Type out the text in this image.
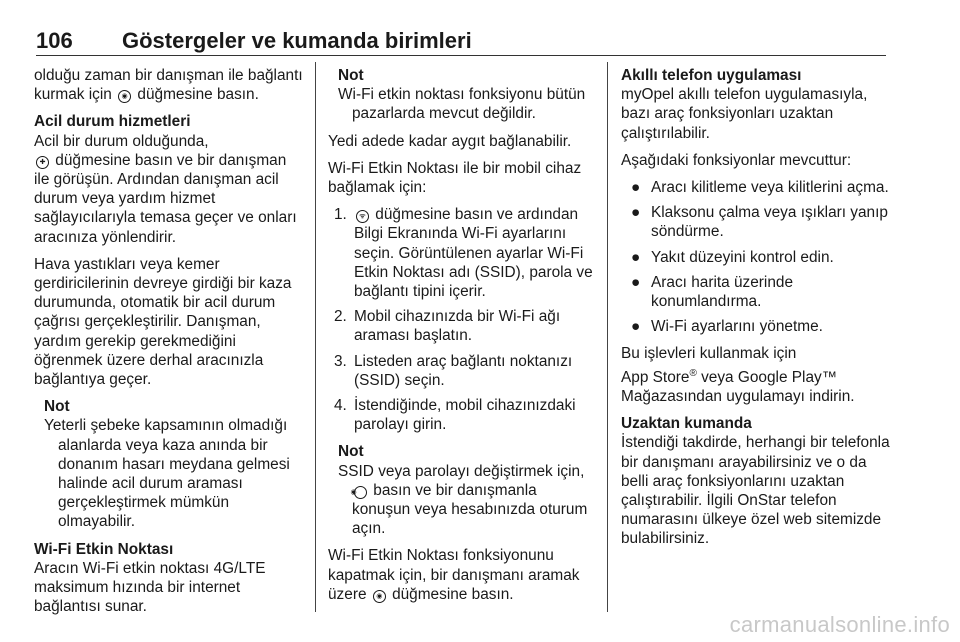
106 Göstergeler ve kumanda birimleri

olduğu zaman bir danışman ile bağlantı kurmak için ◉ düğmesine basın.

Acil durum hizmetleri

Acil bir durum olduğunda,
✚ düğmesine basın ve bir danışman ile görüşün. Ardından danışman acil durum veya yardım hizmet sağlayıcılarıyla temasa geçer ve onları aracınıza yönlendirir.

Hava yastıkları veya kemer gerdiricilerinin devreye girdiği bir kaza durumunda, otomatik bir acil durum çağrısı gerçekleştirilir. Danışman, yardım gerekip gerekmediğini öğrenmek üzere derhal aracınızla bağlantıya geçer.

Not
Yeterli şebeke kapsamının olmadığı alanlarda veya kaza anında bir donanım hasarı meydana gelmesi halinde acil durum araması gerçekleştirmek mümkün olmayabilir.

Wi-Fi Etkin Noktası

Aracın Wi-Fi etkin noktası 4G/LTE maksimum hızında bir internet bağlantısı sunar.

Not
Wi-Fi etkin noktası fonksiyonu bütün pazarlarda mevcut değildir.

Yedi adede kadar aygıt bağlanabilir.

Wi-Fi Etkin Noktası ile bir mobil cihaz bağlamak için:

1. ᯤ düğmesine basın ve ardından Bilgi Ekranında Wi-Fi ayarlarını seçin. Görüntülenen ayarlar Wi-Fi Etkin Noktası adı (SSID), parola ve bağlantı tipini içerir.
2. Mobil cihazınızda bir Wi-Fi ağı araması başlatın.
3. Listeden araç bağlantı noktanızı (SSID) seçin.
4. İstendiğinde, mobil cihazınızdaki parolayı girin.
Not
SSID veya parolayı değiştirmek için, ◉ basın ve bir danışmanla konuşun veya hesabınızda oturum açın.

Wi-Fi Etkin Noktası fonksiyonunu kapatmak için, bir danışmanı aramak üzere ◉ düğmesine basın.

Akıllı telefon uygulaması

myOpel akıllı telefon uygulamasıyla, bazı araç fonksiyonları uzaktan çalıştırılabilir.

Aşağıdaki fonksiyonlar mevcuttur:

● Aracı kilitleme veya kilitlerini açma.
● Klaksonu çalma veya ışıkları yanıp söndürme.
● Yakıt düzeyini kontrol edin.
● Aracı harita üzerinde konumlandırma.
● Wi-Fi ayarlarını yönetme.

Bu işlevleri kullanmak için
App Store® veya Google Play™
Mağazasından uygulamayı indirin.

Uzaktan kumanda

İstendiği takdirde, herhangi bir telefonla bir danışmanı arayabilirsiniz ve o da belli araç fonksiyonlarını uzaktan çalıştırabilir. İlgili OnStar telefon numarasını ülkeye özel web sitemizde bulabilirsiniz.

carmanualsonline.info
